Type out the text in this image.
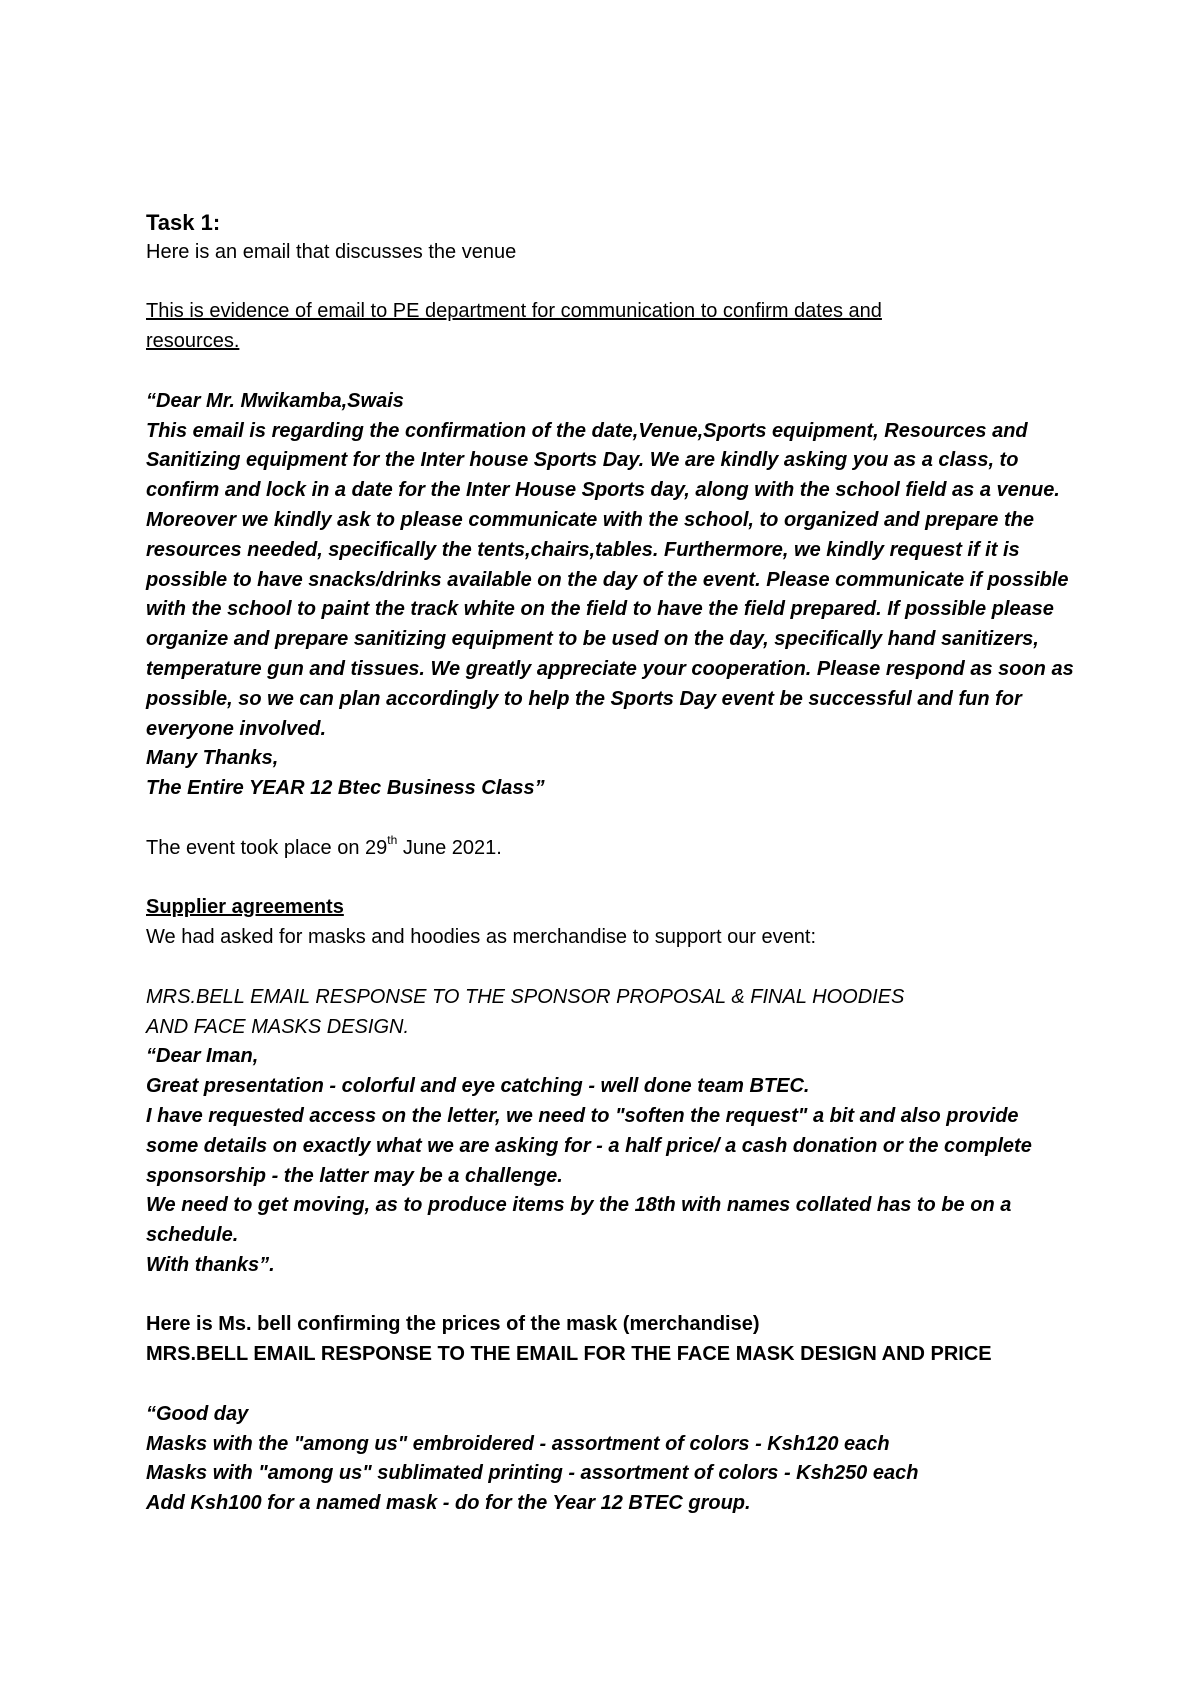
Task 1:
Here is an email that discusses the venue
This is evidence of email to PE department for communication to confirm dates and resources.
“Dear Mr. Mwikamba,Swais
This email is regarding the confirmation of the date,Venue,Sports equipment, Resources and Sanitizing equipment for the Inter house Sports Day. We are kindly asking you as a class, to confirm and lock in a date for the Inter House Sports day, along with the school field as a venue. Moreover we kindly ask to please communicate with the school, to organized and prepare the resources needed, specifically the tents,chairs,tables. Furthermore, we kindly request if it is possible to have snacks/drinks available on the day of the event. Please communicate if possible with the school to paint the track white on the field to have the field prepared. If possible please organize and prepare sanitizing equipment to be used on the day, specifically hand sanitizers, temperature gun and tissues. We greatly appreciate your cooperation. Please respond as soon as possible, so we can plan accordingly to help the Sports Day event be successful and fun for everyone involved.
Many Thanks,
The Entire YEAR 12 Btec Business Class”
The event took place on 29th June 2021.
Supplier agreements
We had asked for masks and hoodies as merchandise to support our event:
MRS.BELL EMAIL RESPONSE TO THE SPONSOR PROPOSAL & FINAL HOODIES AND FACE MASKS DESIGN.
“Dear Iman,
Great presentation - colorful and eye catching - well done team BTEC.
I have requested access on the letter, we need to "soften the request" a bit and also provide some details on exactly what we are asking for - a half price/ a cash donation or the complete sponsorship - the latter may be a challenge.
We need to get moving, as to produce items by the 18th with names collated has to be on a schedule.
With thanks”.
Here is Ms. bell confirming the prices of the mask (merchandise)
MRS.BELL EMAIL RESPONSE TO THE EMAIL FOR THE FACE MASK DESIGN AND PRICE
“Good day
Masks with the "among us" embroidered - assortment of colors - Ksh120 each
Masks with "among us" sublimated printing - assortment of colors - Ksh250 each
Add Ksh100 for a named mask - do for the Year 12 BTEC group.
